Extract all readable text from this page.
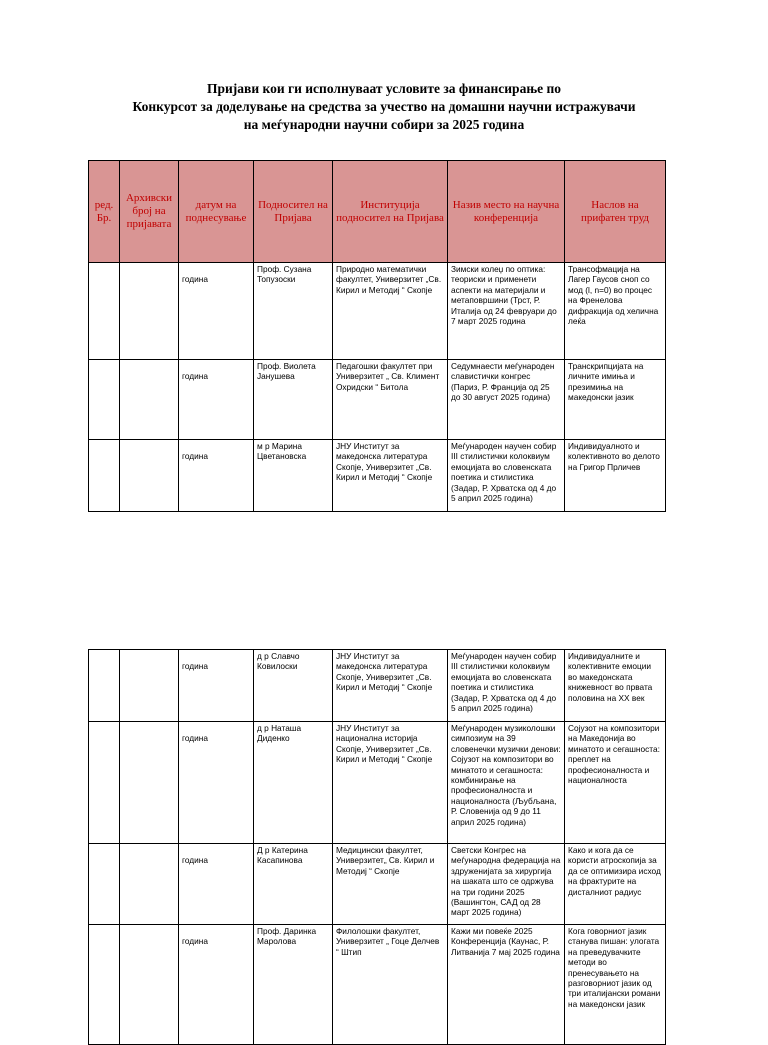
Пријави кои ги исполнуваат условите за финансирање по
Конкурсот за доделување на средства за учество на домашни научни истражувачи
на меѓународни научни собири за 2025 година
ред. Бр.	Архивски број на пријавата	датум на поднесување	Подносител на Пријава	Институција подносител на Пријава	Назив место на научна конференција	Наслов на прифатен труд
		година	Проф. Сузана Топузоски	Природно математички факултет, Универзитет „Св. Кирил и Методиј “ Скопје	Зимски колеџ по оптика: теориски и применети аспекти на материјали и метаповршини (Трст, Р. Италија од 24 февруари до 7 март 2025 година	Трансофмација на Лагер Гаусов сноп со мод (l, n=0) во процес на Френелова дифракција од хелична леќа
		година	Проф. Виолета Јанушева	Педагошки факултет при Универзитет „ Св. Климент Охридски “ Битола	Седумнаести меѓународен славистички конгрес (Париз, Р. Франција од 25 до 30 август 2025 година)	Транскрипцијата на личните имиња и презимиња на македонски јазик
		година	м р Марина Цветановска	ЈНУ Институт за македонска литература Скопје, Универзитет „Св. Кирил и Методиј “ Скопје	Меѓународен научен собир III стилистички колоквиум емоцијата во словенската поетика и стилистика (Задар, Р. Хрватска од 4 до 5 април 2025 година)	Индивидуалното и колективното во делото на Григор Прличев
		година	д р Славчо Ковилоски	ЈНУ Институт за македонска литература Скопје, Универзитет „Св. Кирил и Методиј “ Скопје	Меѓународен научен собир III стилистички колоквиум емоцијата во словенската поетика и стилистика (Задар, Р. Хрватска од 4 до 5 април 2025 година)	Индивидуалните и колективните емоции во македонската книжевност во првата половина на XX век
		година	д р Наташа Диденко	ЈНУ Институт за национална историја Скопје, Универзитет „Св. Кирил и Методиј “ Скопје	Меѓународен музиколошки симпозиум на 39 словенечки музички денови: Сојузот на композитори во минатото и сегашноста: комбинирање на професионалноста и националноста (Љубљана, Р. Словенија од 9 до 11 април 2025 година)	Сојузот на композитори на Македонија во минатото и сегашноста: преплет на професионалноста и националноста
		година	Д р Катерина Касапинова	Медицински факултет, Универзитет„ Св. Кирил и Методиј “ Скопје	Светски Конгрес на меѓународна федерација на здруженијата за хирургија на шаката што се одржува на три години 2025 (Вашингтон, САД од 28 март 2025 година)	Како и кога да се користи атроскопија за да се оптимизира исход на фрактурите на дисталниот радиус
		година	Проф. Даринка Маролова	Филолошки факултет, Универзитет „ Гоце Делчев “ Штип	Кажи ми повеќе 2025 Конференција (Каунас, Р. Литванија 7 мај 2025 година	Кога говорниот јазик станува пишан: улогата на преведувачките методи во пренесувањето на разговорниот јазик од три италијански романи на македонски јазик
